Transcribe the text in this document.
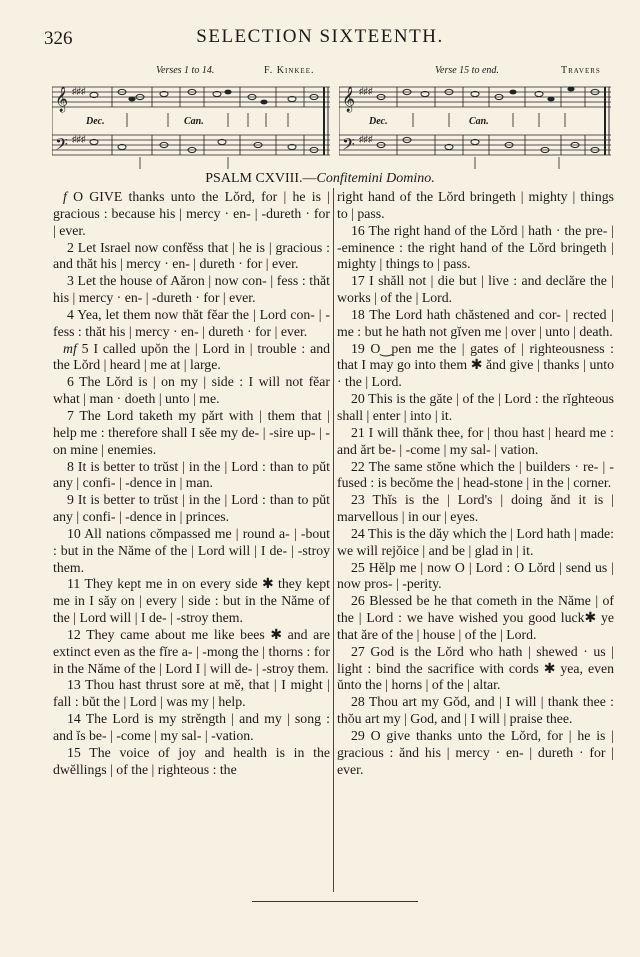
326	SELECTION SIXTEENTH.
Verses 1 to 14.	F. Kinkee.
𝄞
𝄢
♯♯♯
♯♯♯
Dec.	Can.
Verse 15 to end.	Travers
𝄞
𝄢
♯♯♯
♯♯♯
Dec.	Can.
PSALM CXVIII.—Confitemini Domino.

f O GIVE thanks unto the Lŏrd, for | he is | gracious : because his | mercy · en- | -dureth · for | ever.

2 Let Israel now confĕss that | he is | gracious : and thăt his | mercy · en- | dureth · for | ever.

3 Let the house of Aăron | now con- | fess : thăt his | mercy · en- | -dureth · for | ever.

4 Yea, let them now thăt fĕar the | Lord con- | -fess : thăt his | mercy · en- | dureth · for | ever.

mf 5 I called upŏn the | Lord in | trouble : and the Lŏrd | heard | me at | large.

6 The Lŏrd is | on my | side : I will not fĕar what | man · doeth | unto | me.

7 The Lord taketh my părt with | them that | help me : therefore shall I sĕe my de- | -sire up- | -on mine | enemies.

8 It is better to trŭst | in the | Lord : than to pŭt any | confi- | -dence in | man.

9 It is better to trŭst | in the | Lord : than to pŭt any | confi- | -dence in | princes.

10 All nations cŏmpassed me | round a- | -bout : but in the Năme of the | Lord will | I de- | -stroy them.

11 They kept me in on every side ✱ they kept me in I săy on | every | side : but in the Năme of the | Lord will | I de- | -stroy them.

12 They came about me like bees ✱ and are extinct even as the fĭre a- | -mong the | thorns : for in the Năme of the | Lord I | will de- | -stroy them.

13 Thou hast thrust sore at mĕ, that | I might | fall : bŭt the | Lord | was my | help.

14 The Lord is my strĕngth | and my | song : and ĭs be- | -come | my sal- | -vation.

15 The voice of joy and health is in the dwĕllings | of the | righteous : the

right hand of the Lŏrd bringeth | mighty | things to | pass.

16 The right hand of the Lŏrd | hath · the pre- | -eminence : the right hand of the Lŏrd bringeth | mighty | things to | pass.

17 I shăll not | die but | live : and declăre the | works | of the | Lord.

18 The Lord hath chăstened and cor- | rected | me : but he hath not gĭven me | over | unto | death.

19 O‿pen me the | gates of | righteousness : that I may go into them ✱ ănd give | thanks | unto · the | Lord.

20 This is the găte | of the | Lord : the rĭghteous shall | enter | into | it.

21 I will thănk thee, for | thou hast | heard me : and ărt be- | -come | my sal- | vation.

22 The same stŏne which the | builders · re- | -fused : is becŏme the | head-stone | in the | corner.

23 Thĭs is the | Lord's | doing ănd it is | marvellous | in our | eyes.

24 This is the dăy which the | Lord hath | made: we will rejŏice | and be | glad in | it.

25 Hĕlp me | now O | Lord : O Lŏrd | send us | now pros- | -perity.

26 Blessed be he that cometh in the Năme | of the | Lord : we have wished you good luck✱ ye that ăre of the | house | of the | Lord.

27 God is the Lŏrd who hath | shewed · us | light : bind the sacrifice with cords ✱ yea, even ŭnto the | horns | of the | altar.

28 Thou art my Gŏd, and | I will | thank thee : thŏu art my | God, and | I will | praise thee.

29 O give thanks unto the Lŏrd, for | he is | gracious : ănd his | mercy · en- | dureth · for | ever.
